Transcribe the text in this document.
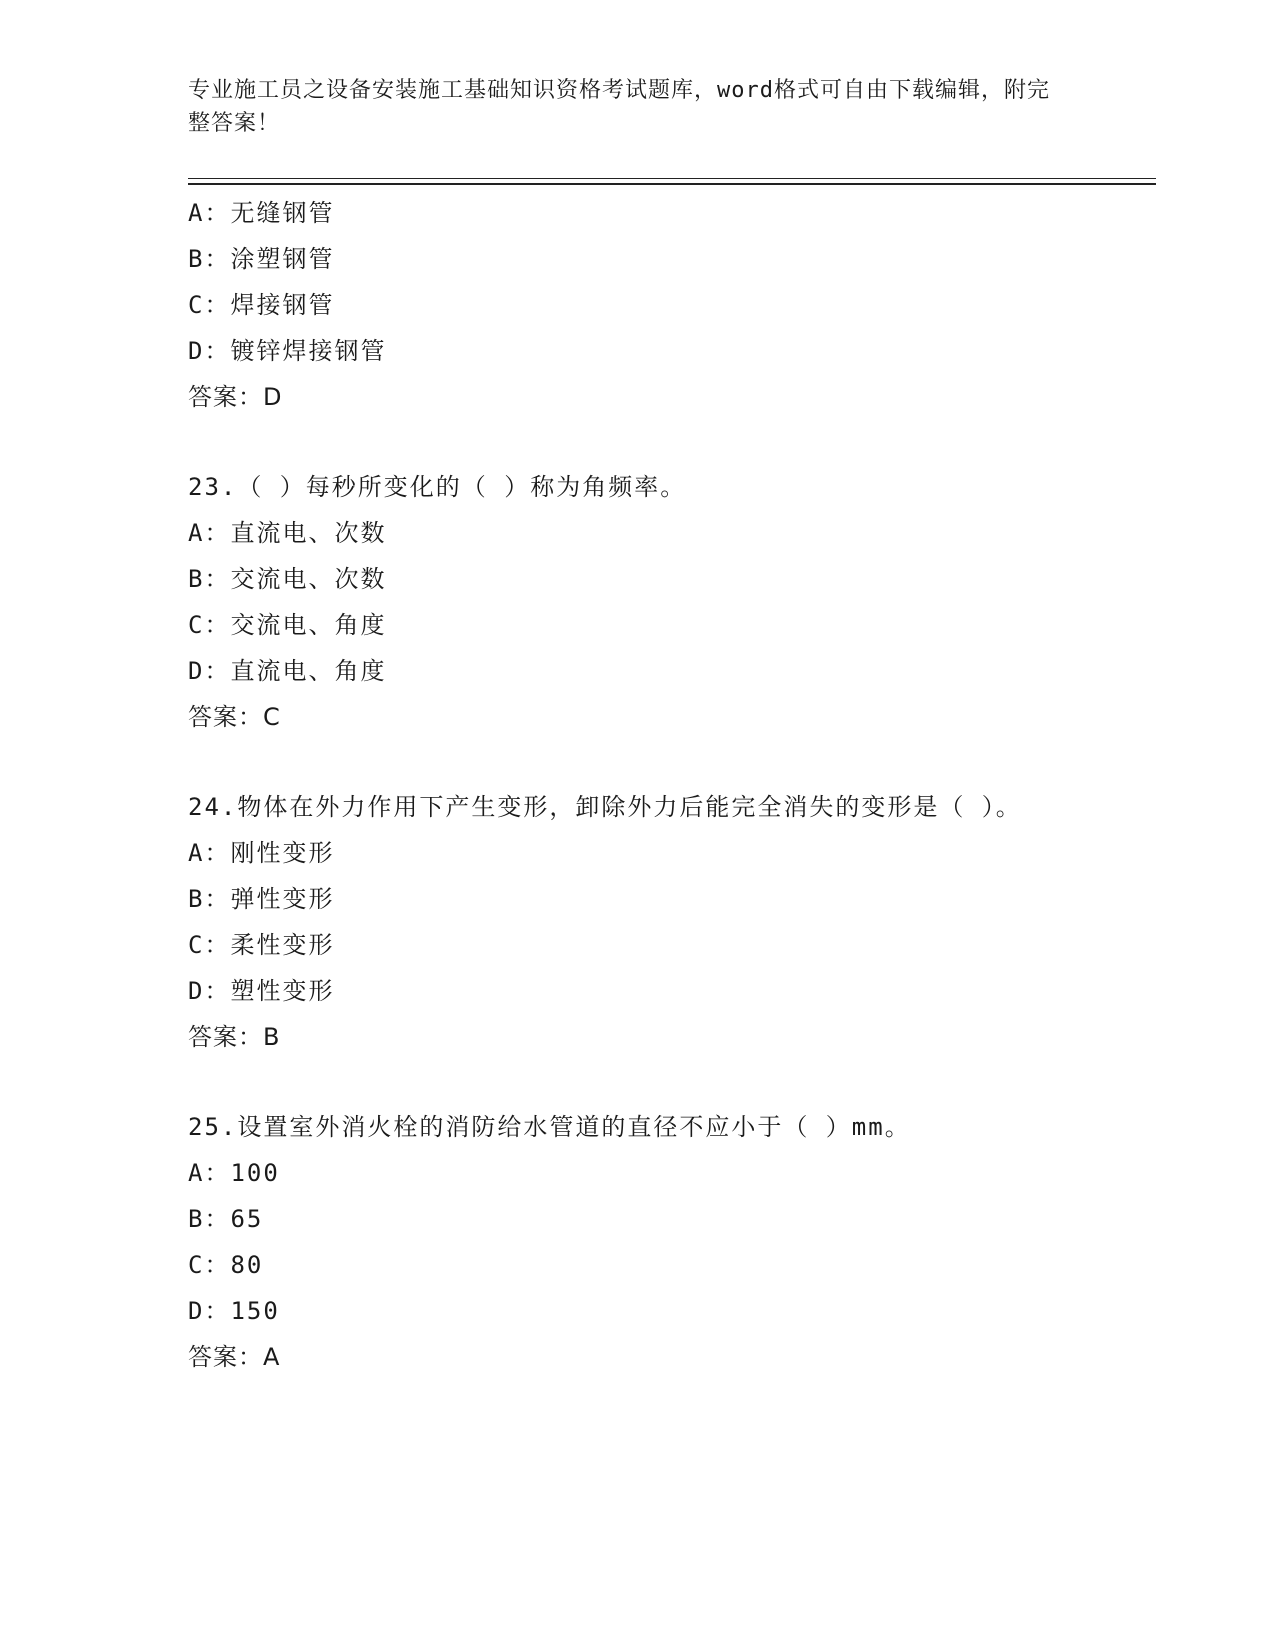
专业施工员之设备安装施工基础知识资格考试题库，word格式可自由下载编辑，附完整答案！

A：无缝钢管
B：涂塑钢管
C：焊接钢管
D：镀锌焊接钢管
答案：D
23.（ ）每秒所变化的（ ）称为角频率。
A：直流电、次数
B：交流电、次数
C：交流电、角度
D：直流电、角度
答案：C
24.物体在外力作用下产生变形，卸除外力后能完全消失的变形是（ ）。
A：刚性变形
B：弹性变形
C：柔性变形
D：塑性变形
答案：B
25.设置室外消火栓的消防给水管道的直径不应小于（ ）mm。
A：100
B：65
C：80
D：150
答案：A
